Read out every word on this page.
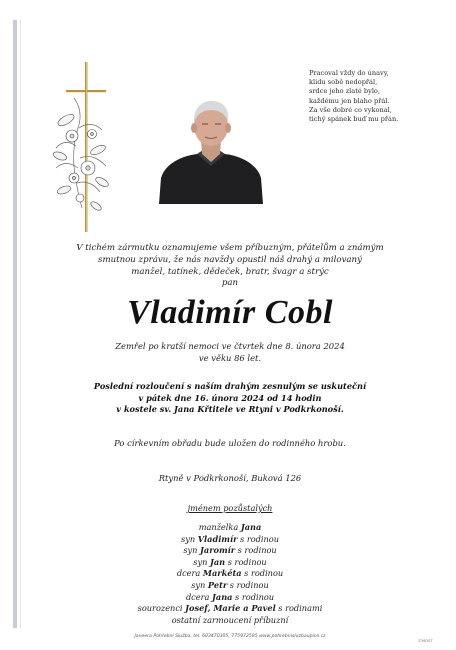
Pracoval vždy do únavy,
klidu sobě nedopřál,
srdce jeho zlaté bylo,
každému jen blaho přál.
Za vše dobré co vykonal,
tichý spánek buď mu přán.
V tichém zármutku oznamujeme všem příbuzným, přátelům a známým
smutnou zprávu, že nás navždy opustil náš drahý a milovaný
manžel, tatínek, dědeček, bratr, švagr a strýc
pan
Vladimír Cobl
Zemřel po kratší nemoci ve čtvrtek dne 8. února 2024
ve věku 86 let.
Poslední rozloučení s naším drahým zesnulým se uskuteční
v pátek dne 16. února 2024 od 14 hodin
v kostele sv. Jana Křtitele ve Rtyni v Podkrkonoší.
Po církevním obřadu bude uložen do rodinného hrobu.
Rtyně v Podkrkonoší, Buková 126
jménem pozůstalých
manželka Jana
syn Vladimír s rodinou
syn Jaromír s rodinou
syn Jan s rodinou
dcera Markéta s rodinou
syn Petr s rodinou
dcera Jana s rodinou
sourozenci Josef, Marie a Pavel s rodinami
ostatní zarmoucení příbuzní
Janeera Pohřební Služba, tel. 603470305, 775972595 www.pohrebnisluzbaupice.cz
©MOST
